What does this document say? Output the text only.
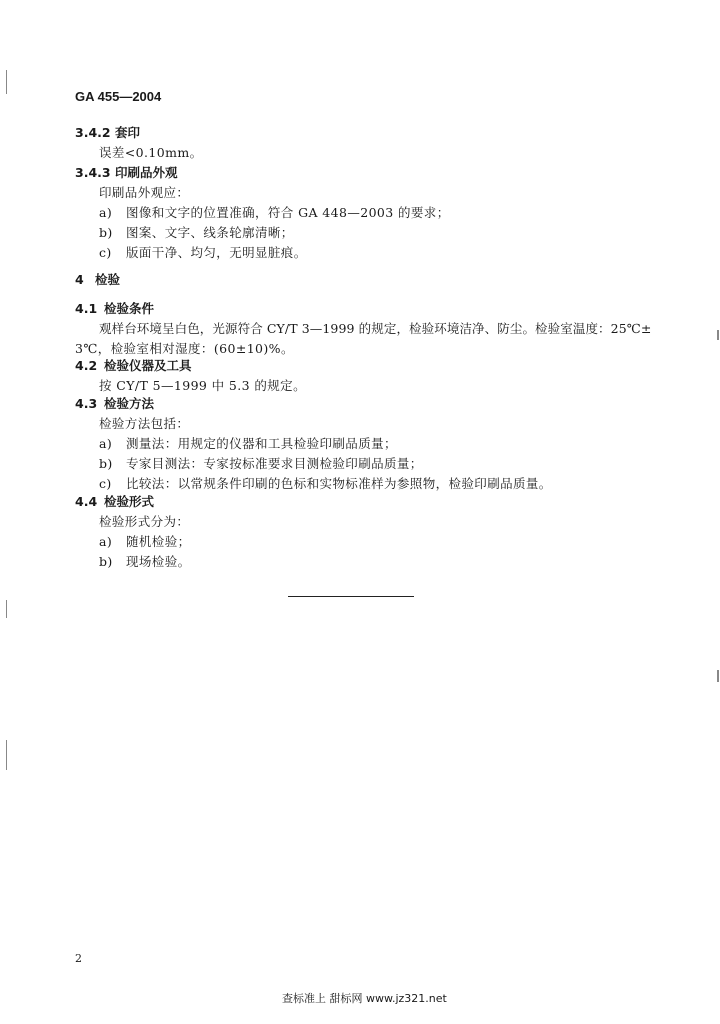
GA 455—2004
3.4.2 套印
误差<0.10mm。
3.4.3 印刷品外观
印刷品外观应：
a) 图像和文字的位置准确，符合 GA 448—2003 的要求；
b) 图案、文字、线条轮廓清晰；
c) 版面干净、均匀，无明显脏痕。
4 检验
4.1 检验条件
观样台环境呈白色，光源符合 CY/T 3—1999 的规定，检验环境洁净、防尘。检验室温度：25℃±
3℃，检验室相对湿度：(60±10)%。
4.2 检验仪器及工具
按 CY/T 5—1999 中 5.3 的规定。
4.3 检验方法
检验方法包括：
a) 测量法：用规定的仪器和工具检验印刷品质量；
b) 专家目测法：专家按标准要求目测检验印刷品质量；
c) 比较法：以常规条件印刷的色标和实物标准样为参照物，检验印刷品质量。
4.4 检验形式
检验形式分为：
a) 随机检验；
b) 现场检验。
2
查标准上 甜标网 www.jz321.net
